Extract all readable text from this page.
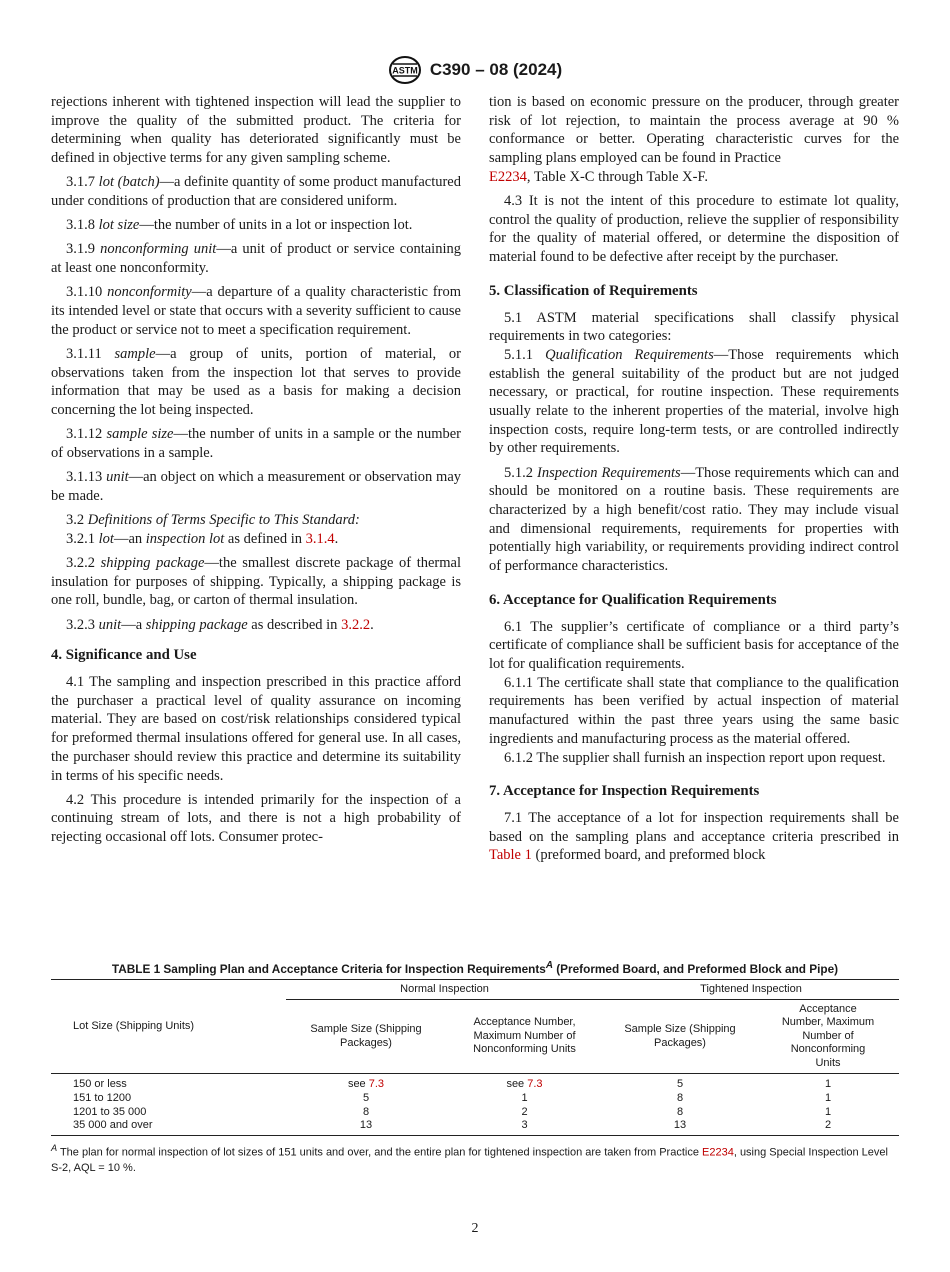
ASTM C390 – 08 (2024)

rejections inherent with tightened inspection will lead the supplier to improve the quality of the submitted product. The criteria for determining when quality has deteriorated significantly must be defined in objective terms for any given sampling scheme.

3.1.7 lot (batch)—a definite quantity of some product manufactured under conditions of production that are considered uniform.

3.1.8 lot size—the number of units in a lot or inspection lot.

3.1.9 nonconforming unit—a unit of product or service containing at least one nonconformity.

3.1.10 nonconformity—a departure of a quality characteristic from its intended level or state that occurs with a severity sufficient to cause the product or service not to meet a specification requirement.

3.1.11 sample—a group of units, portion of material, or observations taken from the inspection lot that serves to provide information that may be used as a basis for making a decision concerning the lot being inspected.

3.1.12 sample size—the number of units in a sample or the number of observations in a sample.

3.1.13 unit—an object on which a measurement or observation may be made.

3.2 Definitions of Terms Specific to This Standard:

3.2.1 lot—an inspection lot as defined in 3.1.4.

3.2.2 shipping package—the smallest discrete package of thermal insulation for purposes of shipping. Typically, a shipping package is one roll, bundle, bag, or carton of thermal insulation.

3.2.3 unit—a shipping package as described in 3.2.2.

4. Significance and Use

4.1 The sampling and inspection prescribed in this practice afford the purchaser a practical level of quality assurance on incoming material. They are based on cost/risk relationships considered typical for preformed thermal insulations offered for general use. In all cases, the purchaser should review this practice and determine its suitability in terms of his specific needs.

4.2 This procedure is intended primarily for the inspection of a continuing stream of lots, and there is not a high probability of rejecting occasional off lots. Consumer protec-

tion is based on economic pressure on the producer, through greater risk of lot rejection, to maintain the process average at 90 % conformance or better. Operating characteristic curves for the sampling plans employed can be found in Practice
E2234, Table X-C through Table X-F.

4.3 It is not the intent of this procedure to estimate lot quality, control the quality of production, relieve the supplier of responsibility for the quality of material offered, or determine the disposition of material found to be defective after receipt by the purchaser.

5. Classification of Requirements

5.1 ASTM material specifications shall classify physical requirements in two categories:

5.1.1 Qualification Requirements—Those requirements which establish the general suitability of the product but are not judged necessary, or practical, for routine inspection. These requirements usually relate to the inherent properties of the material, involve high inspection costs, require long-term tests, or are controlled indirectly by other requirements.

5.1.2 Inspection Requirements—Those requirements which can and should be monitored on a routine basis. These requirements are characterized by a high benefit/cost ratio. They may include visual and dimensional requirements, requirements for properties with potentially high variability, or requirements providing indirect control of performance characteristics.

6. Acceptance for Qualification Requirements

6.1 The supplier’s certificate of compliance or a third party’s certificate of compliance shall be sufficient basis for acceptance of the lot for qualification requirements.

6.1.1 The certificate shall state that compliance to the qualification requirements has been verified by actual inspection of material manufactured within the past three years using the same basic ingredients and manufacturing process as the material offered.

6.1.2 The supplier shall furnish an inspection report upon request.

7. Acceptance for Inspection Requirements

7.1 The acceptance of a lot for inspection requirements shall be based on the sampling plans and acceptance criteria prescribed in Table 1 (preformed board, and preformed block

TABLE 1 Sampling Plan and Acceptance Criteria for Inspection Requirements$^A$ (Preformed Board, and Preformed Block and Pipe)
Lot Size (Shipping Units)	Normal Inspection		Tightened Inspection	

	Sample Size (Shipping Packages)	Acceptance Number, Maximum Number of Nonconforming Units	Sample Size (Shipping Packages)	Acceptance Number, Maximum Number of Nonconforming Units

150 or less	see 7.3	see 7.3	5	1
151 to 1200	5	1	8	1
1201 to 35 000	8	2	8	1
35 000 and over	13	3	13	2
$^A$ The plan for normal inspection of lot sizes of 151 units and over, and the entire plan for tightened inspection are taken from Practice E2234, using Special Inspection Level S-2, AQL = 10 %.
2
